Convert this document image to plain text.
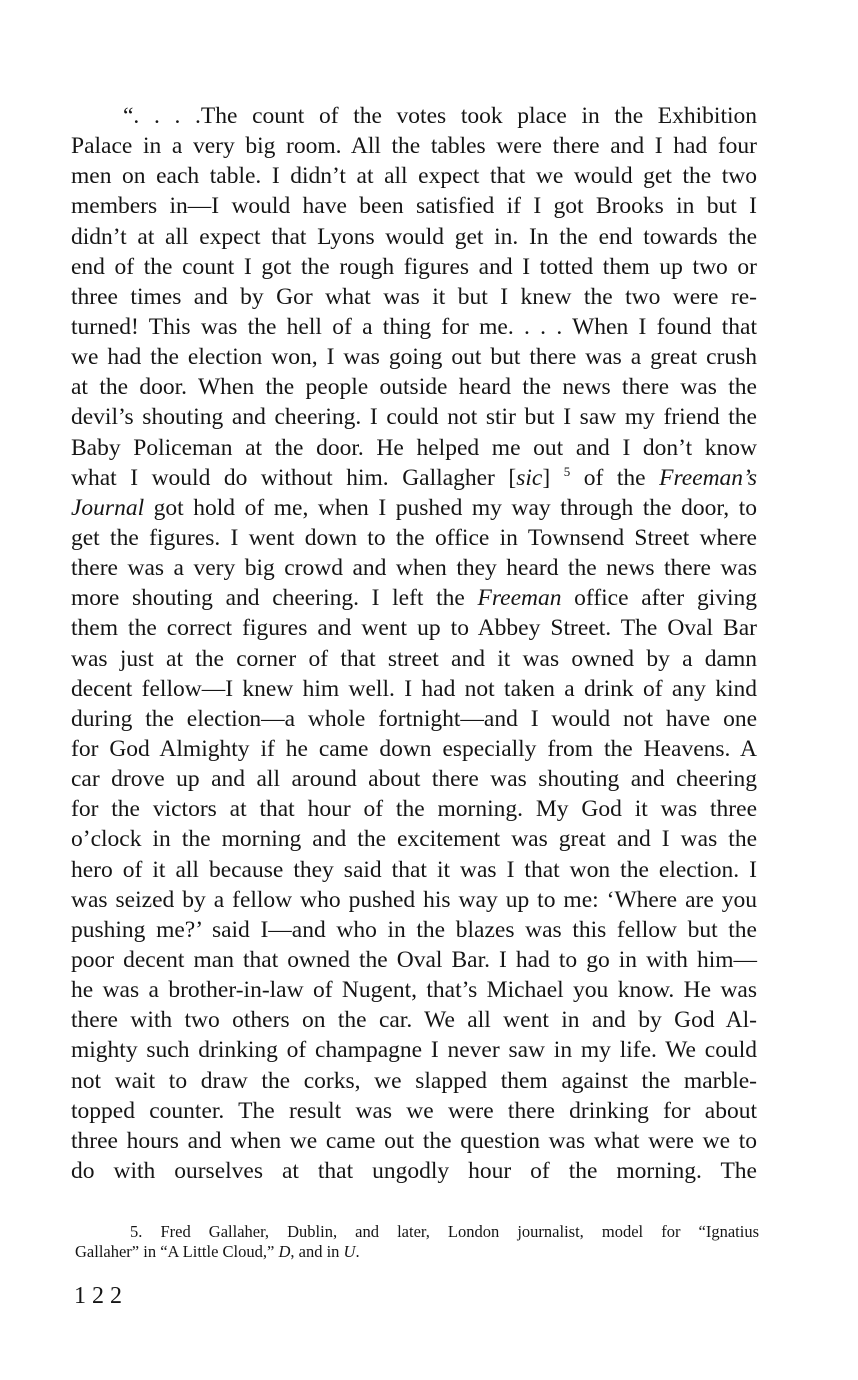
“. . . .The count of the votes took place in the Exhibition
Palace in a very big room. All the tables were there and I had four
men on each table. I didn’t at all expect that we would get the two
members in—I would have been satisfied if I got Brooks in but I
didn’t at all expect that Lyons would get in. In the end towards the
end of the count I got the rough figures and I totted them up two or
three times and by Gor what was it but I knew the two were re-
turned! This was the hell of a thing for me. . . . When I found that
we had the election won, I was going out but there was a great crush
at the door. When the people outside heard the news there was the
devil’s shouting and cheering. I could not stir but I saw my friend the
Baby Policeman at the door. He helped me out and I don’t know
what I would do without him. Gallagher [sic] $^5$ of the Freeman’s
Journal got hold of me, when I pushed my way through the door, to
get the figures. I went down to the office in Townsend Street where
there was a very big crowd and when they heard the news there was
more shouting and cheering. I left the Freeman office after giving
them the correct figures and went up to Abbey Street. The Oval Bar
was just at the corner of that street and it was owned by a damn
decent fellow—I knew him well. I had not taken a drink of any kind
during the election—a whole fortnight—and I would not have one
for God Almighty if he came down especially from the Heavens. A
car drove up and all around about there was shouting and cheering
for the victors at that hour of the morning. My God it was three
o’clock in the morning and the excitement was great and I was the
hero of it all because they said that it was I that won the election. I
was seized by a fellow who pushed his way up to me: ‘Where are you
pushing me?’ said I—and who in the blazes was this fellow but the
poor decent man that owned the Oval Bar. I had to go in with him—
he was a brother-in-law of Nugent, that’s Michael you know. He was
there with two others on the car. We all went in and by God Al-
mighty such drinking of champagne I never saw in my life. We could
not wait to draw the corks, we slapped them against the marble-
topped counter. The result was we were there drinking for about
three hours and when we came out the question was what were we to
do with ourselves at that ungodly hour of the morning. The
5. Fred Gallaher, Dublin, and later, London journalist, model for “Ignatius
Gallaher” in “A Little Cloud,” D, and in U.
122
